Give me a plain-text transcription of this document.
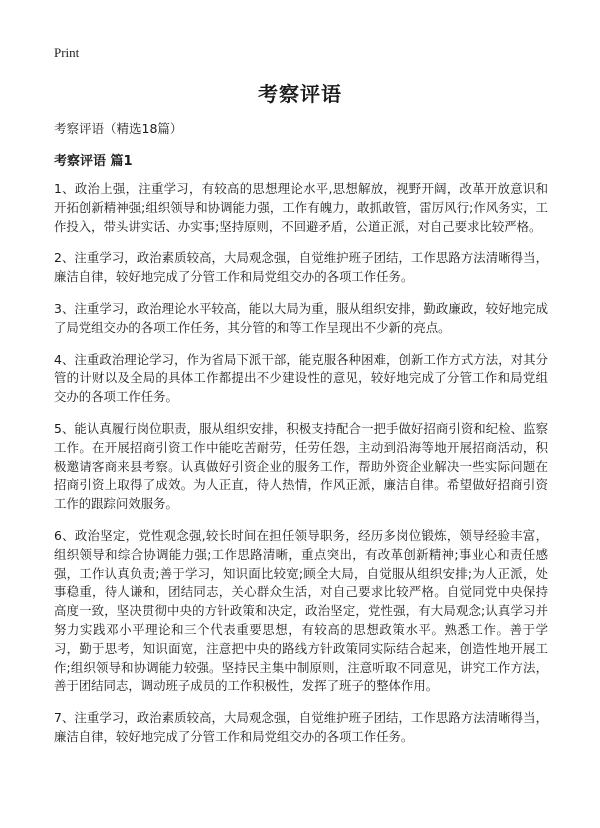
Print
考察评语

考察评语（精选18篇）

考察评语 篇1

1、政治上强，注重学习，有较高的思想理论水平,思想解放，视野开阔，改革开放意识和开拓创新精神强;组织领导和协调能力强，工作有魄力，敢抓敢管，雷厉风行;作风务实，工作投入，带头讲实话、办实事;坚持原则，不回避矛盾，公道正派，对自己要求比较严格。

2、注重学习，政治素质较高，大局观念强，自觉维护班子团结，工作思路方法清晰得当，廉洁自律，较好地完成了分管工作和局党组交办的各项工作任务。

3、注重学习，政治理论水平较高，能以大局为重，服从组织安排，勤政廉政，较好地完成了局党组交办的各项工作任务，其分管的和等工作呈现出不少新的亮点。

4、注重政治理论学习，作为省局下派干部，能克服各种困难，创新工作方式方法，对其分管的计财以及全局的具体工作都提出不少建设性的意见，较好地完成了分管工作和局党组交办的各项工作任务。

5、能认真履行岗位职责，服从组织安排，积极支持配合一把手做好招商引资和纪检、监察工作。在开展招商引资工作中能吃苦耐劳，任劳任怨，主动到沿海等地开展招商活动，积极邀请客商来县考察。认真做好引资企业的服务工作，帮助外资企业解决一些实际问题在招商引资上取得了成效。为人正直，待人热情，作风正派，廉洁自律。希望做好招商引资工作的跟踪问效服务。

6、政治坚定，党性观念强,较长时间在担任领导职务，经历多岗位锻炼，领导经验丰富，组织领导和综合协调能力强;工作思路清晰，重点突出，有改革创新精神;事业心和责任感强，工作认真负责;善于学习，知识面比较宽;顾全大局，自觉服从组织安排;为人正派，处事稳重，待人谦和，团结同志，关心群众生活，对自己要求比较严格。自觉同党中央保持高度一致，坚决贯彻中央的方针政策和决定，政治坚定，党性强，有大局观念;认真学习并努力实践邓小平理论和三个代表重要思想，有较高的思想政策水平。熟悉工作。善于学习，勤于思考，知识面宽，注意把中央的路线方针政策同实际结合起来，创造性地开展工作;组织领导和协调能力较强。坚持民主集中制原则，注意听取不同意见，讲究工作方法，善于团结同志，调动班子成员的工作积极性，发挥了班子的整体作用。

7、注重学习，政治素质较高，大局观念强，自觉维护班子团结，工作思路方法清晰得当，廉洁自律，较好地完成了分管工作和局党组交办的各项工作任务。
